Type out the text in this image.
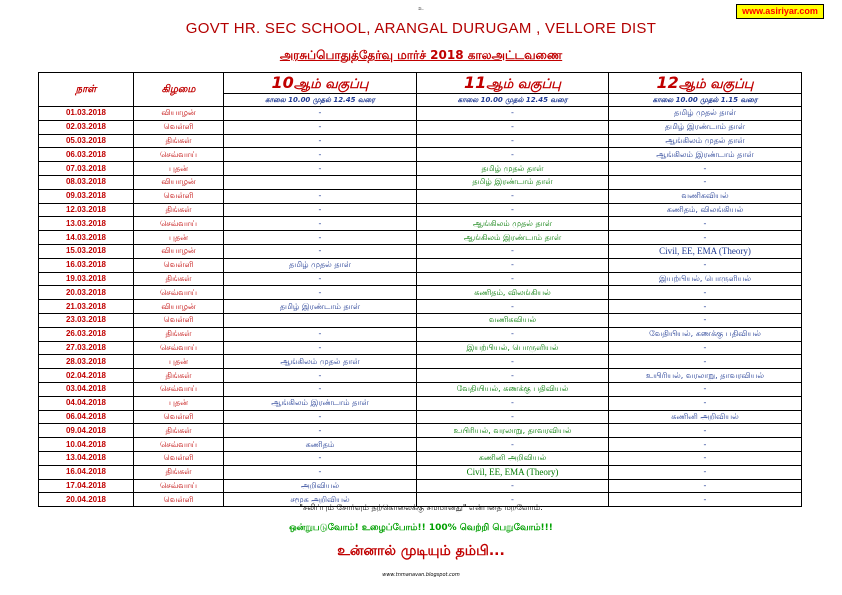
உ	www.asiriyar.com
GOVT HR. SEC SCHOOL, ARANGAL DURUGAM , VELLORE DIST
அரசுப்பொதுத்தேர்வு மார்ச் 2018 காலஅட்டவணை
நாள்	கிழமை	10ஆம் வகுப்பு	11ஆம் வகுப்பு	12ஆம் வகுப்பு
		காலை 10.00 முதல் 12.45 வரை	காலை 10.00 முதல் 12.45 வரை	காலை 10.00 முதல் 1.15 வரை
01.03.2018	வியாழன்	-	-	தமிழ் முதல் தாள்
02.03.2018	வெள்ளி	-	-	தமிழ் இரண்டாம் தாள்
05.03.2018	திங்கள்	-	-	ஆங்கிலம் முதல் தாள்
06.03.2018	செவ்வாய்	-	-	ஆங்கிலம் இரண்டாம் தாள்
07.03.2018	புதன்	-	தமிழ் முதல் தாள்	-
08.03.2018	வியாழன்		தமிழ் இரண்டாம் தாள்	-
09.03.2018	வெள்ளி	-	-	வணிகவியல்
12.03.2018	திங்கள்	-	-	கணிதம், விலங்கியல்
13.03.2018	செவ்வாய்	-	ஆங்கிலம் முதல் தாள்	-
14.03.2018	புதன்	-	ஆங்கிலம் இரண்டாம் தாள்	-
15.03.2018	வியாழன்	-	-	Civil, EE, EMA (Theory)
16.03.2018	வெள்ளி	தமிழ் முதல் தாள்	-	-
19.03.2018	திங்கள்	-	-	இயற்பியல், பொருளியல்
20.03.2018	செவ்வாய்	-	கணிதம், விலங்கியல்	-
21.03.2018	வியாழன்	தமிழ் இரண்டாம் தாள்	-	-
23.03.2018	வெள்ளி		வணிகவியல்	-
26.03.2018	திங்கள்	-	-	வேதியியல், கணக்கு பதிவியல்
27.03.2018	செவ்வாய்	-	இயற்பியல், பொருளியல்	-
28.03.2018	புதன்	ஆங்கிலம் முதல் தாள்	-	-
02.04.2018	திங்கள்	-	-	உயிரியல், வரலாறு, தாவரவியல்
03.04.2018	செவ்வாய்	-	வேதியியல், கணக்கு பதிவியல்	-
04.04.2018	புதன்	ஆங்கிலம் இரண்டாம் தாள்	-	-
06.04.2018	வெள்ளி	-	-	கணினி அறிவியல்
09.04.2018	திங்கள்	-	உயிரியல், வரலாறு, தாவரவியல்	-
10.04.2018	செவ்வாய்	கணிதம்	-	-
13.04.2018	வெள்ளி	-	கணினி அறிவியல்	-
16.04.2018	திங்கள்	-	Civil, EE, EMA (Theory)	-
17.04.2018	செவ்வாய்	அறிவியல்	-	-
20.04.2018	வெள்ளி	சமூக அறிவியல்	-	-
"சலிப்பும் சோர்வும் தற்கொலைக்கு சமமானது" என்பதை மறவோம்.
ஒன்றுபடுவோம்! உழைப்போம்!! 100% வெற்றி பெறுவோம்!!!
உன்னால் முடியும் தம்பி...
www.tnmanavan.blogspot.com
